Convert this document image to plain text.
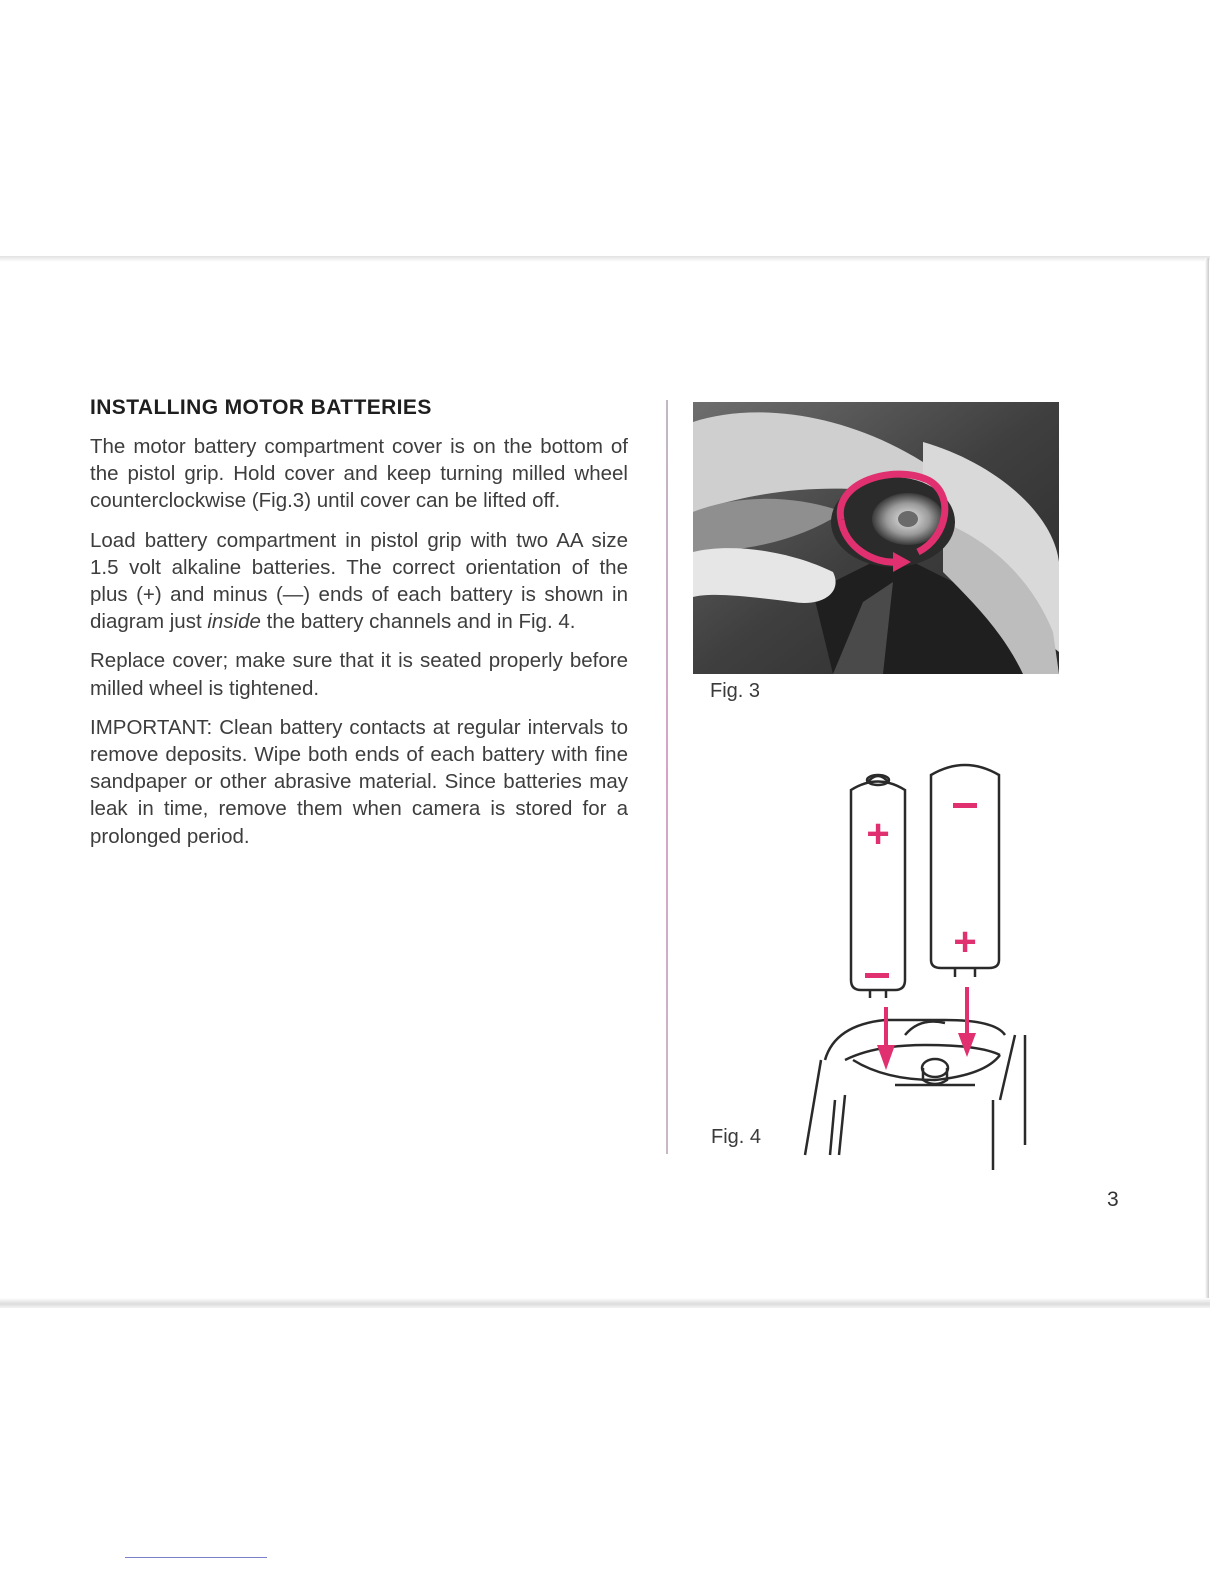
INSTALLING MOTOR BATTERIES

The motor battery compartment cover is on the bottom of the pistol grip. Hold cover and keep turning milled wheel counterclockwise (Fig.3) until cover can be lifted off.

Load battery compartment in pistol grip with two AA size 1.5 volt alkaline batteries. The correct orientation of the plus (+) and minus (—) ends of each battery is shown in diagram just inside the battery channels and in Fig. 4.

Replace cover; make sure that it is seated properly before milled wheel is tightened.

IMPORTANT: Clean battery contacts at regular intervals to remove deposits. Wipe both ends of each battery with fine sandpaper or other abrasive material. Since batteries may leak in time, remove them when camera is stored for a prolonged period.

Fig. 3

+
+

Fig. 4

3
